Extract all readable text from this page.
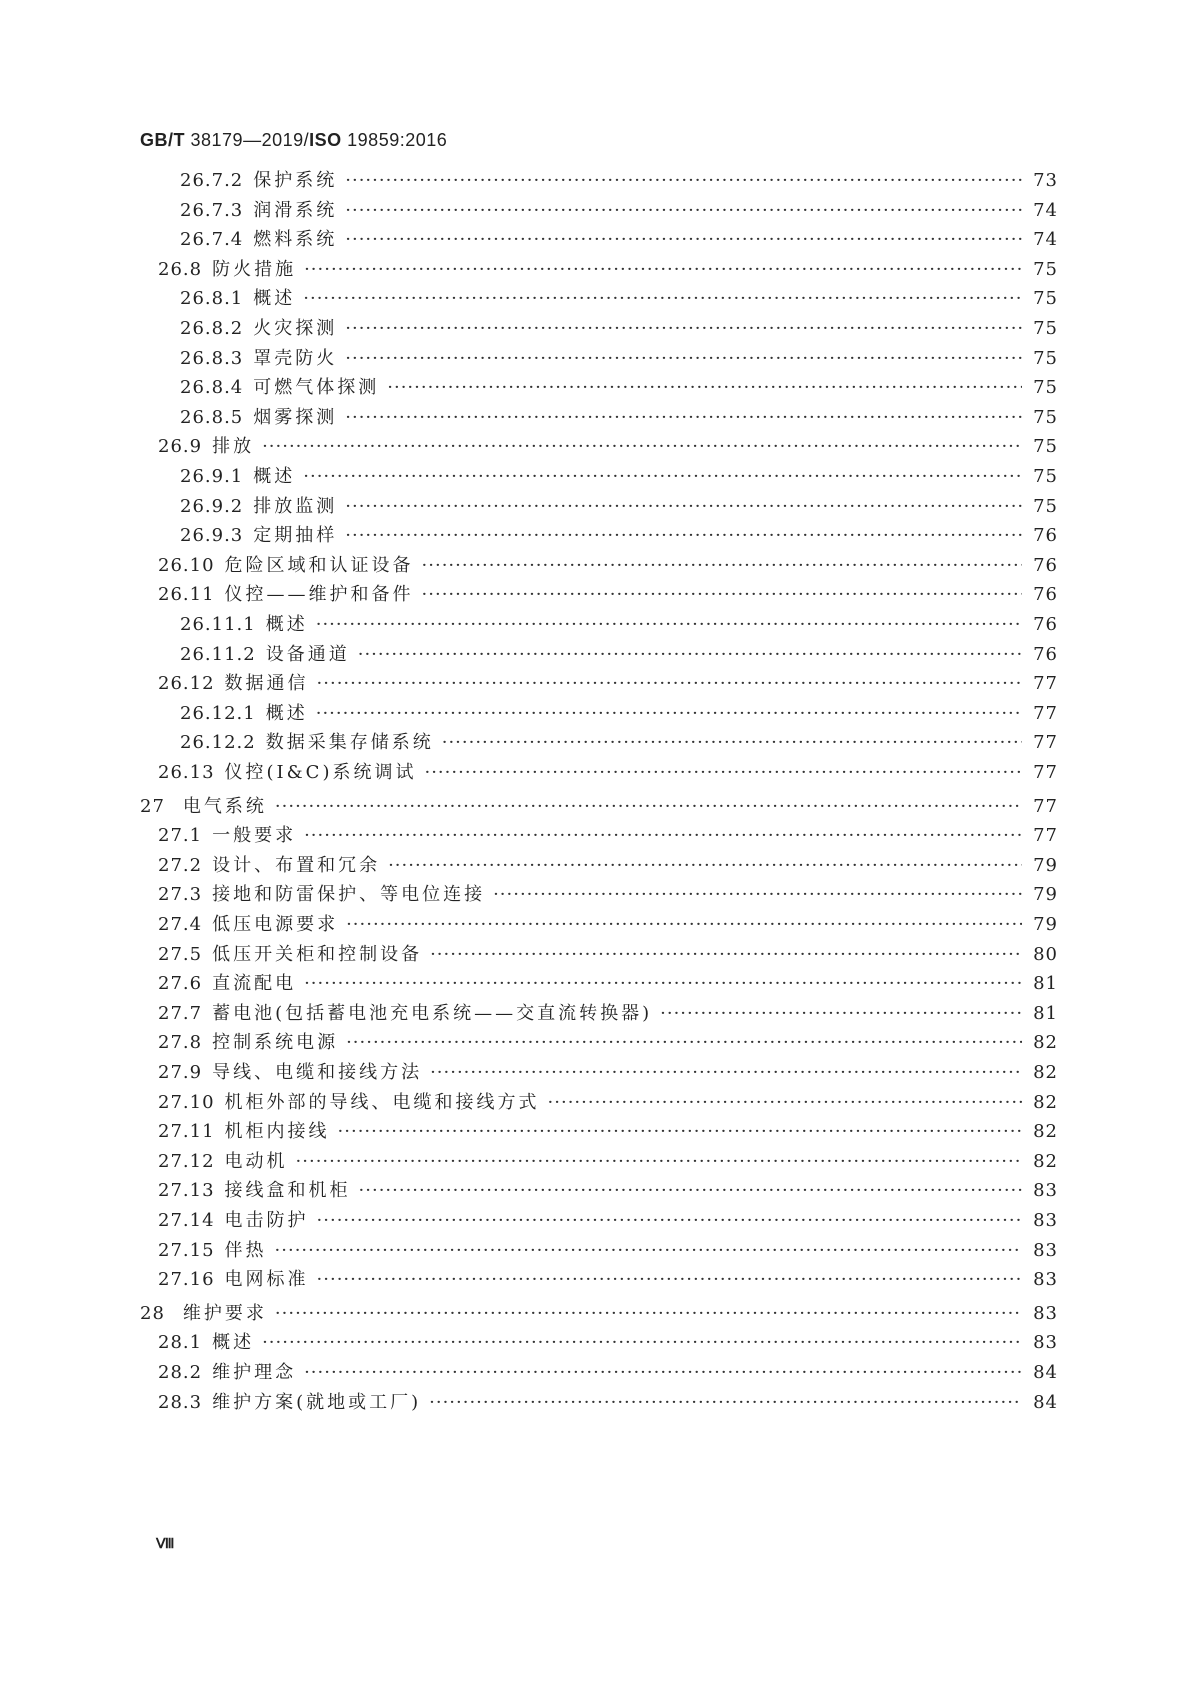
GB/T 38179—2019/ISO 19859:2016
26.7.2 保护系统 ·····	73
26.7.3 润滑系统 ·····	74
26.7.4 燃料系统 ·····	74
26.8 防火措施 ·····	75
26.8.1 概述 ·····	75
26.8.2 火灾探测 ·····	75
26.8.3 罩壳防火 ·····	75
26.8.4 可燃气体探测 ·····	75
26.8.5 烟雾探测 ·····	75
26.9 排放 ·····	75
26.9.1 概述 ·····	75
26.9.2 排放监测 ·····	75
26.9.3 定期抽样 ·····	76
26.10 危险区域和认证设备 ·····	76
26.11 仪控——维护和备件 ·····	76
26.11.1 概述 ·····	76
26.11.2 设备通道 ·····	76
26.12 数据通信 ·····	77
26.12.1 概述 ·····	77
26.12.2 数据采集存储系统 ·····	77
26.13 仪控(I&C)系统调试 ·····	77
27 电气系统 ·····	77
27.1 一般要求 ·····	77
27.2 设计、布置和冗余 ·····	79
27.3 接地和防雷保护、等电位连接 ·····	79
27.4 低压电源要求 ·····	79
27.5 低压开关柜和控制设备 ·····	80
27.6 直流配电 ·····	81
27.7 蓄电池(包括蓄电池充电系统——交直流转换器) ·····	81
27.8 控制系统电源 ·····	82
27.9 导线、电缆和接线方法 ·····	82
27.10 机柜外部的导线、电缆和接线方式 ·····	82
27.11 机柜内接线 ·····	82
27.12 电动机 ·····	82
27.13 接线盒和机柜 ·····	83
27.14 电击防护 ·····	83
27.15 伴热 ·····	83
27.16 电网标准 ·····	83
28 维护要求 ·····	83
28.1 概述 ·····	83
28.2 维护理念 ·····	84
28.3 维护方案(就地或工厂) ·····	84
Ⅷ
